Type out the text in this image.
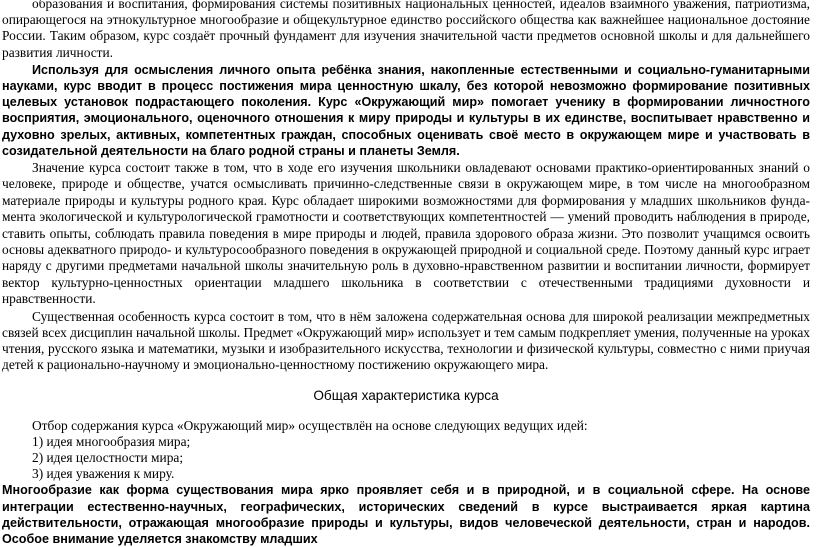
образования и воспитания, формирования системы позитивных национальных ценностей, идеалов взаимного уважения, патриотизма, опирающегося на этнокультурное многообразие и общекультурное единство российского общества как важнейшее национальное достояние России. Таким образом, курс создаёт прочный фундамент для изучения значительной части предметов основной школы и для дальнейшего развития личности.

Используя для осмысления личного опыта ребёнка знания, накопленные естественными и социально-гуманитарными науками, курс вводит в процесс постижения мира ценностную шкалу, без которой невозможно формирование позитивных целевых установок подрастающего поколения. Курс «Окружающий мир» помогает ученику в формировании личностного восприятия, эмоционального, оценочного отношения к миру природы и культуры в их единстве, воспитывает нравственно и духовно зрелых, активных, компетентных граждан, способных оценивать своё место в окружающем мире и участвовать в созидательной деятельности на благо родной страны и планеты Земля.

Значение курса состоит также в том, что в ходе его изучения школьники овладевают основами практико-ориентированных знаний о человеке, природе и обществе, учатся осмысливать причинно-следственные связи в окружающем мире, в том числе на многообразном материале природы и культуры родного края. Курс обладает широкими возможностями для формирования у младших школьников фунда-мента экологической и культурологической грамотности и соответствующих компетентностей — умений проводить наблюдения в природе, ставить опыты, соблюдать правила поведения в мире природы и людей, правила здорового образа жизни. Это позволит учащимся освоить основы адекватного природо- и культуросообразного поведения в окружающей природной и социальной среде. Поэтому данный курс играет наряду с другими предметами начальной школы значительную роль в духовно-нравственном развитии и воспитании личности, формирует вектор культурно-ценностных ориентации младшего школьника в соответствии с отечественными традициями духовности и нравственности.

Существенная особенность курса состоит в том, что в нём заложена содержательная основа для широкой реализации межпредметных связей всех дисциплин начальной школы. Предмет «Окружающий мир» использует и тем самым подкрепляет умения, полученные на уроках чтения, русского языка и математики, музыки и изобразительного искусства, технологии и физической культуры, совместно с ними приучая детей к рационально-научному и эмоционально-ценностному постижению окружающего мира.

Общая характеристика курса

Отбор содержания курса «Окружающий мир» осуществлён на основе следующих ведущих идей:

1) идея многообразия мира;

2) идея целостности мира;

3) идея уважения к миру.

Многообразие как форма существования мира ярко проявляет себя и в природной, и в социальной сфере. На основе интеграции естественно-научных, географических, исторических сведений в курсе выстраивается яркая картина действительности, отражающая многообразие природы и культуры, видов человеческой деятельности, стран и народов. Особое внимание уделяется знакомству младших
